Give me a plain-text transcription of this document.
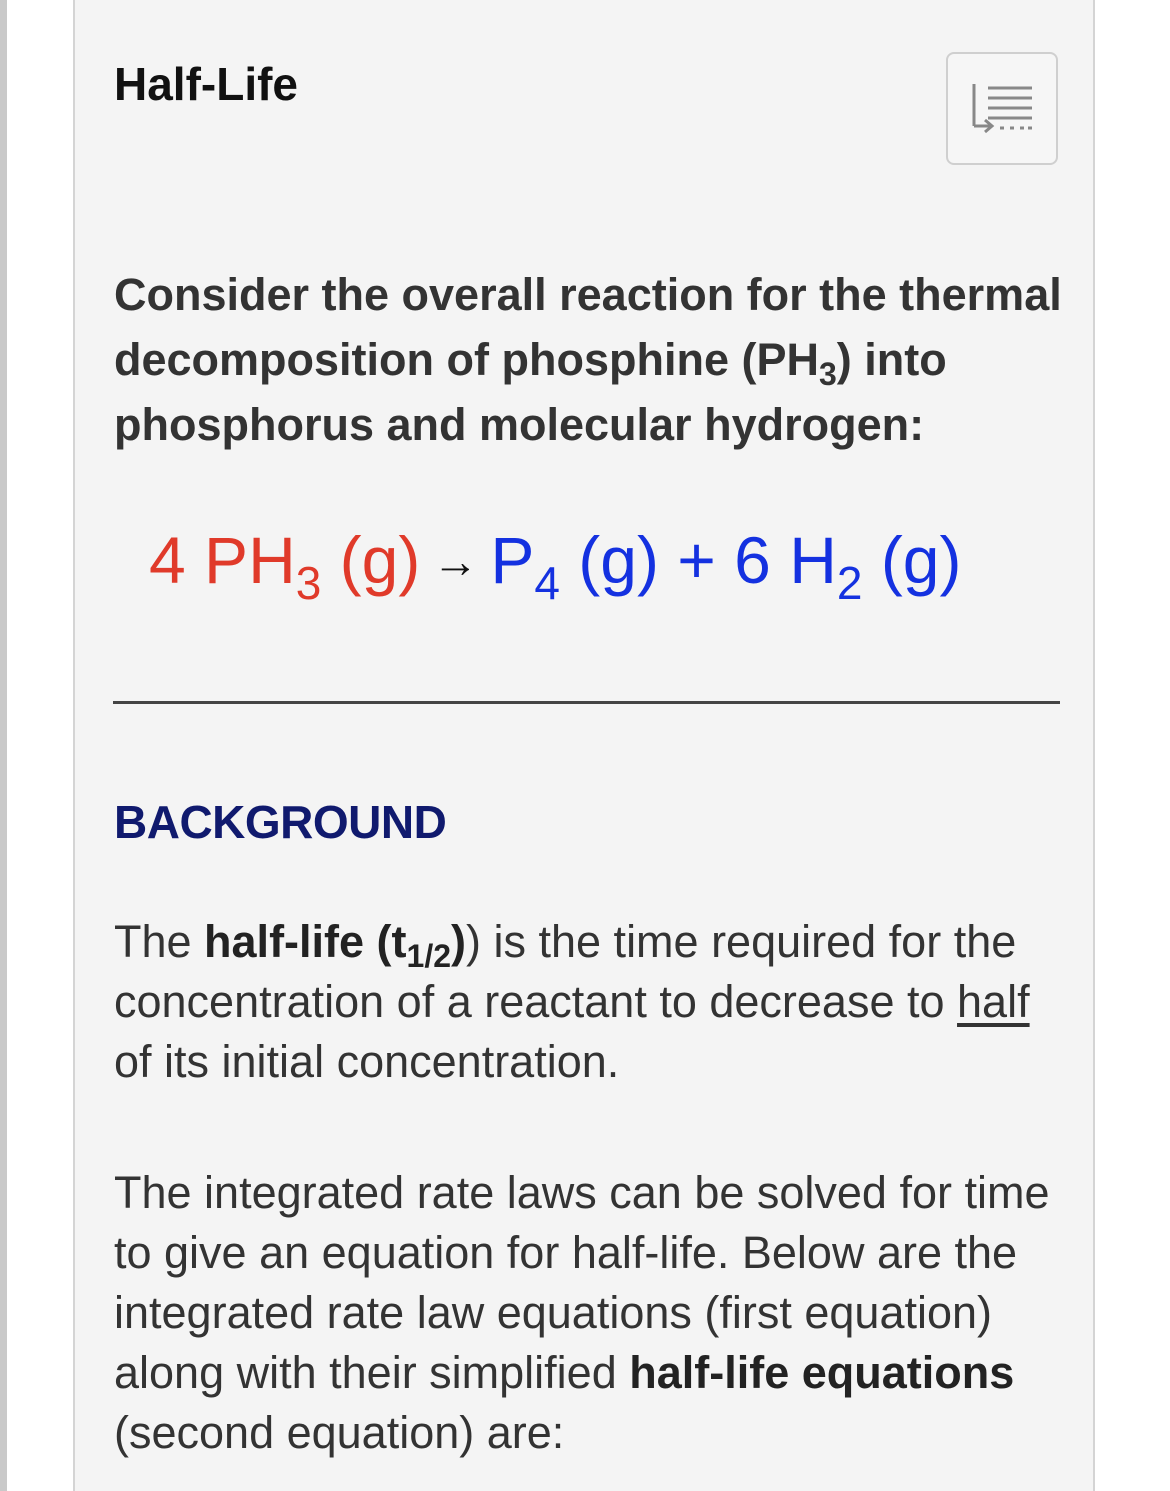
Half-Life

Consider the overall reaction for the thermal decomposition of phosphine $(PH_3)$ into phosphorus and molecular hydrogen:

4 $PH_3$ $(g) \to P_4$ (g) + 6 $H_2$ (g)

BACKGROUND

The half-life $(t_{1/2})$) is the time required for the concentration of a reactant to decrease to half of its initial concentration.

The integrated rate laws can be solved for time to give an equation for half-life. Below are the integrated rate law equations (first equation) along with their simplified half-life equations (second equation) are:
